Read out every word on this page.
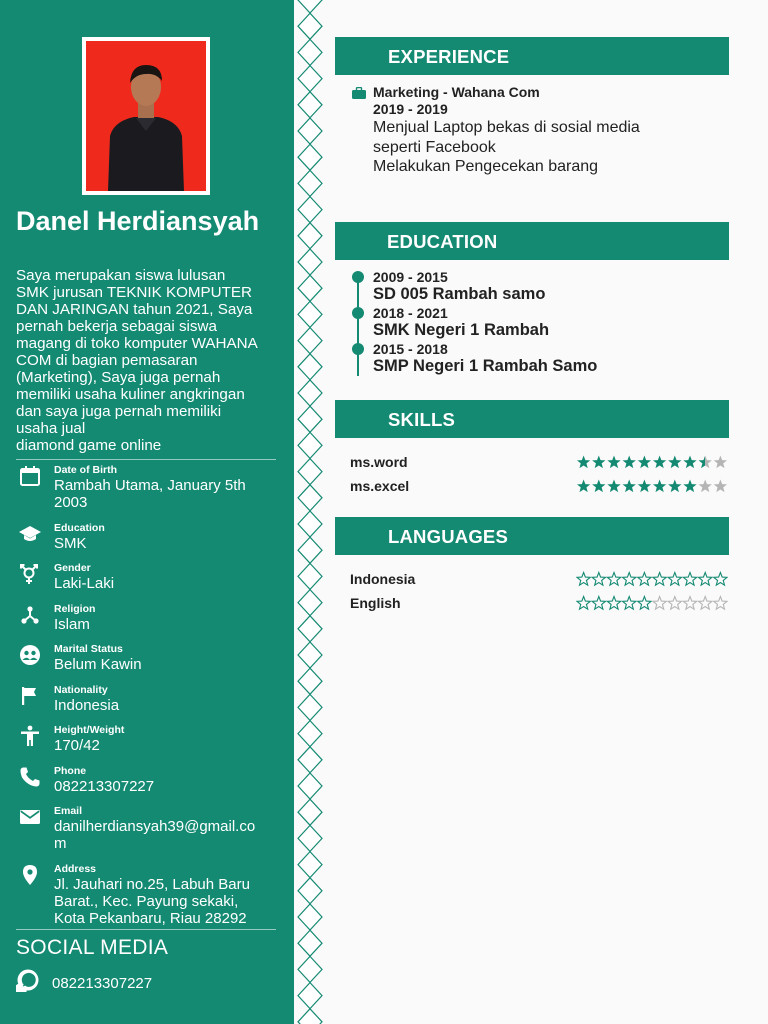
Danel Herdiansyah
Saya merupakan siswa lulusan
SMK jurusan TEKNIK KOMPUTER
DAN JARINGAN tahun 2021, Saya
pernah bekerja sebagai siswa
magang di toko komputer WAHANA
COM di bagian pemasaran
(Marketing), Saya juga pernah
memiliki usaha kuliner angkringan
dan saya juga pernah memiliki
usaha jual
diamond game online
Date of Birth
Rambah Utama, January 5th
2003
Education
SMK
Gender
Laki-Laki
Religion
Islam
Marital Status
Belum Kawin
Nationality
Indonesia
Height/Weight
170/42
Phone
082213307227
Email
danilherdiansyah39@gmail.co
m
Address
Jl. Jauhari no.25, Labuh Baru
Barat., Kec. Payung sekaki,
Kota Pekanbaru, Riau 28292
SOCIAL MEDIA
082213307227
EXPERIENCE
Marketing - Wahana Com
2019 - 2019
Menjual Laptop bekas di sosial media
seperti Facebook
Melakukan Pengecekan barang
EDUCATION
2009 - 2015
SD 005 Rambah samo
2018 - 2021
SMK Negeri 1 Rambah
2015 - 2018
SMP Negeri 1 Rambah Samo
SKILLS
ms.word
ms.excel
LANGUAGES
Indonesia
English
